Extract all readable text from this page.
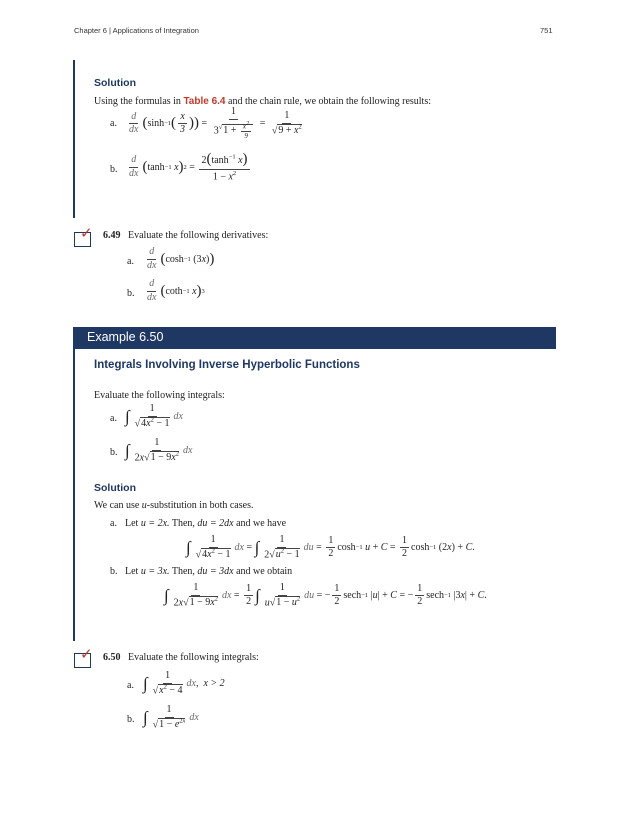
Chapter 6 | Applications of Integration	751
Solution
Using the formulas in Table 6.4 and the chain rule, we obtain the following results:
a. $\frac{d}{dx}$ ( sinh −1 ( $\frac{x}{3}$ )) = $\frac{1}{3^√1 + \frac{x^2}{9}} = \frac{1}{√9 + x^2}$
b. $\frac{d}{dx}$ ( tanh −1
x ) $2 = \frac{2(\tanh^{-1} x)}{1 - x^2}$
✓ 6.49 Evaluate the following derivatives:
a. $\frac{d}{dx}$ ( cosh −1 (3 x ) )
b. $\frac{d}{dx}$ ( coth −1
x ) 3
Example 6.50
Integrals Involving Inverse Hyperbolic Functions
Evaluate the following integrals:
a. ∫ $\frac{1}{√4x^2 - 1}$ dx
b. ∫ $\frac{1}{2x√1 - 9x^2}$ dx
Solution
We can use u-substitution in both cases.
a. Let u = 2x. Then, du = 2dx and we have
∫ $\frac{1}{√4x^2 - 1}$ dx = ∫ $\frac{1}{2√u^2 - 1}$ du = $\frac{1}{2}$ cosh −1
$u + C = \frac{1}{2}$ cosh −1 (2 x ) + C .
b. Let u = 3x. Then, du = 3dx and we obtain
∫ $\frac{1}{2x√1 - 9x^2}$ dx = $\frac{1}{2}$ ∫ $\frac{1}{u√1 - u^2}$ du = − $\frac{1}{2}$ sech −1 | u | + C = − $\frac{1}{2}$ sech −1 |3 x | + C .
✓ 6.50 Evaluate the following integrals:
a. ∫ $\frac{1}{√x^2 - 4}$ dx , x > 2
b. ∫ $\frac{1}{√1 - e^{2x}}$ dx
